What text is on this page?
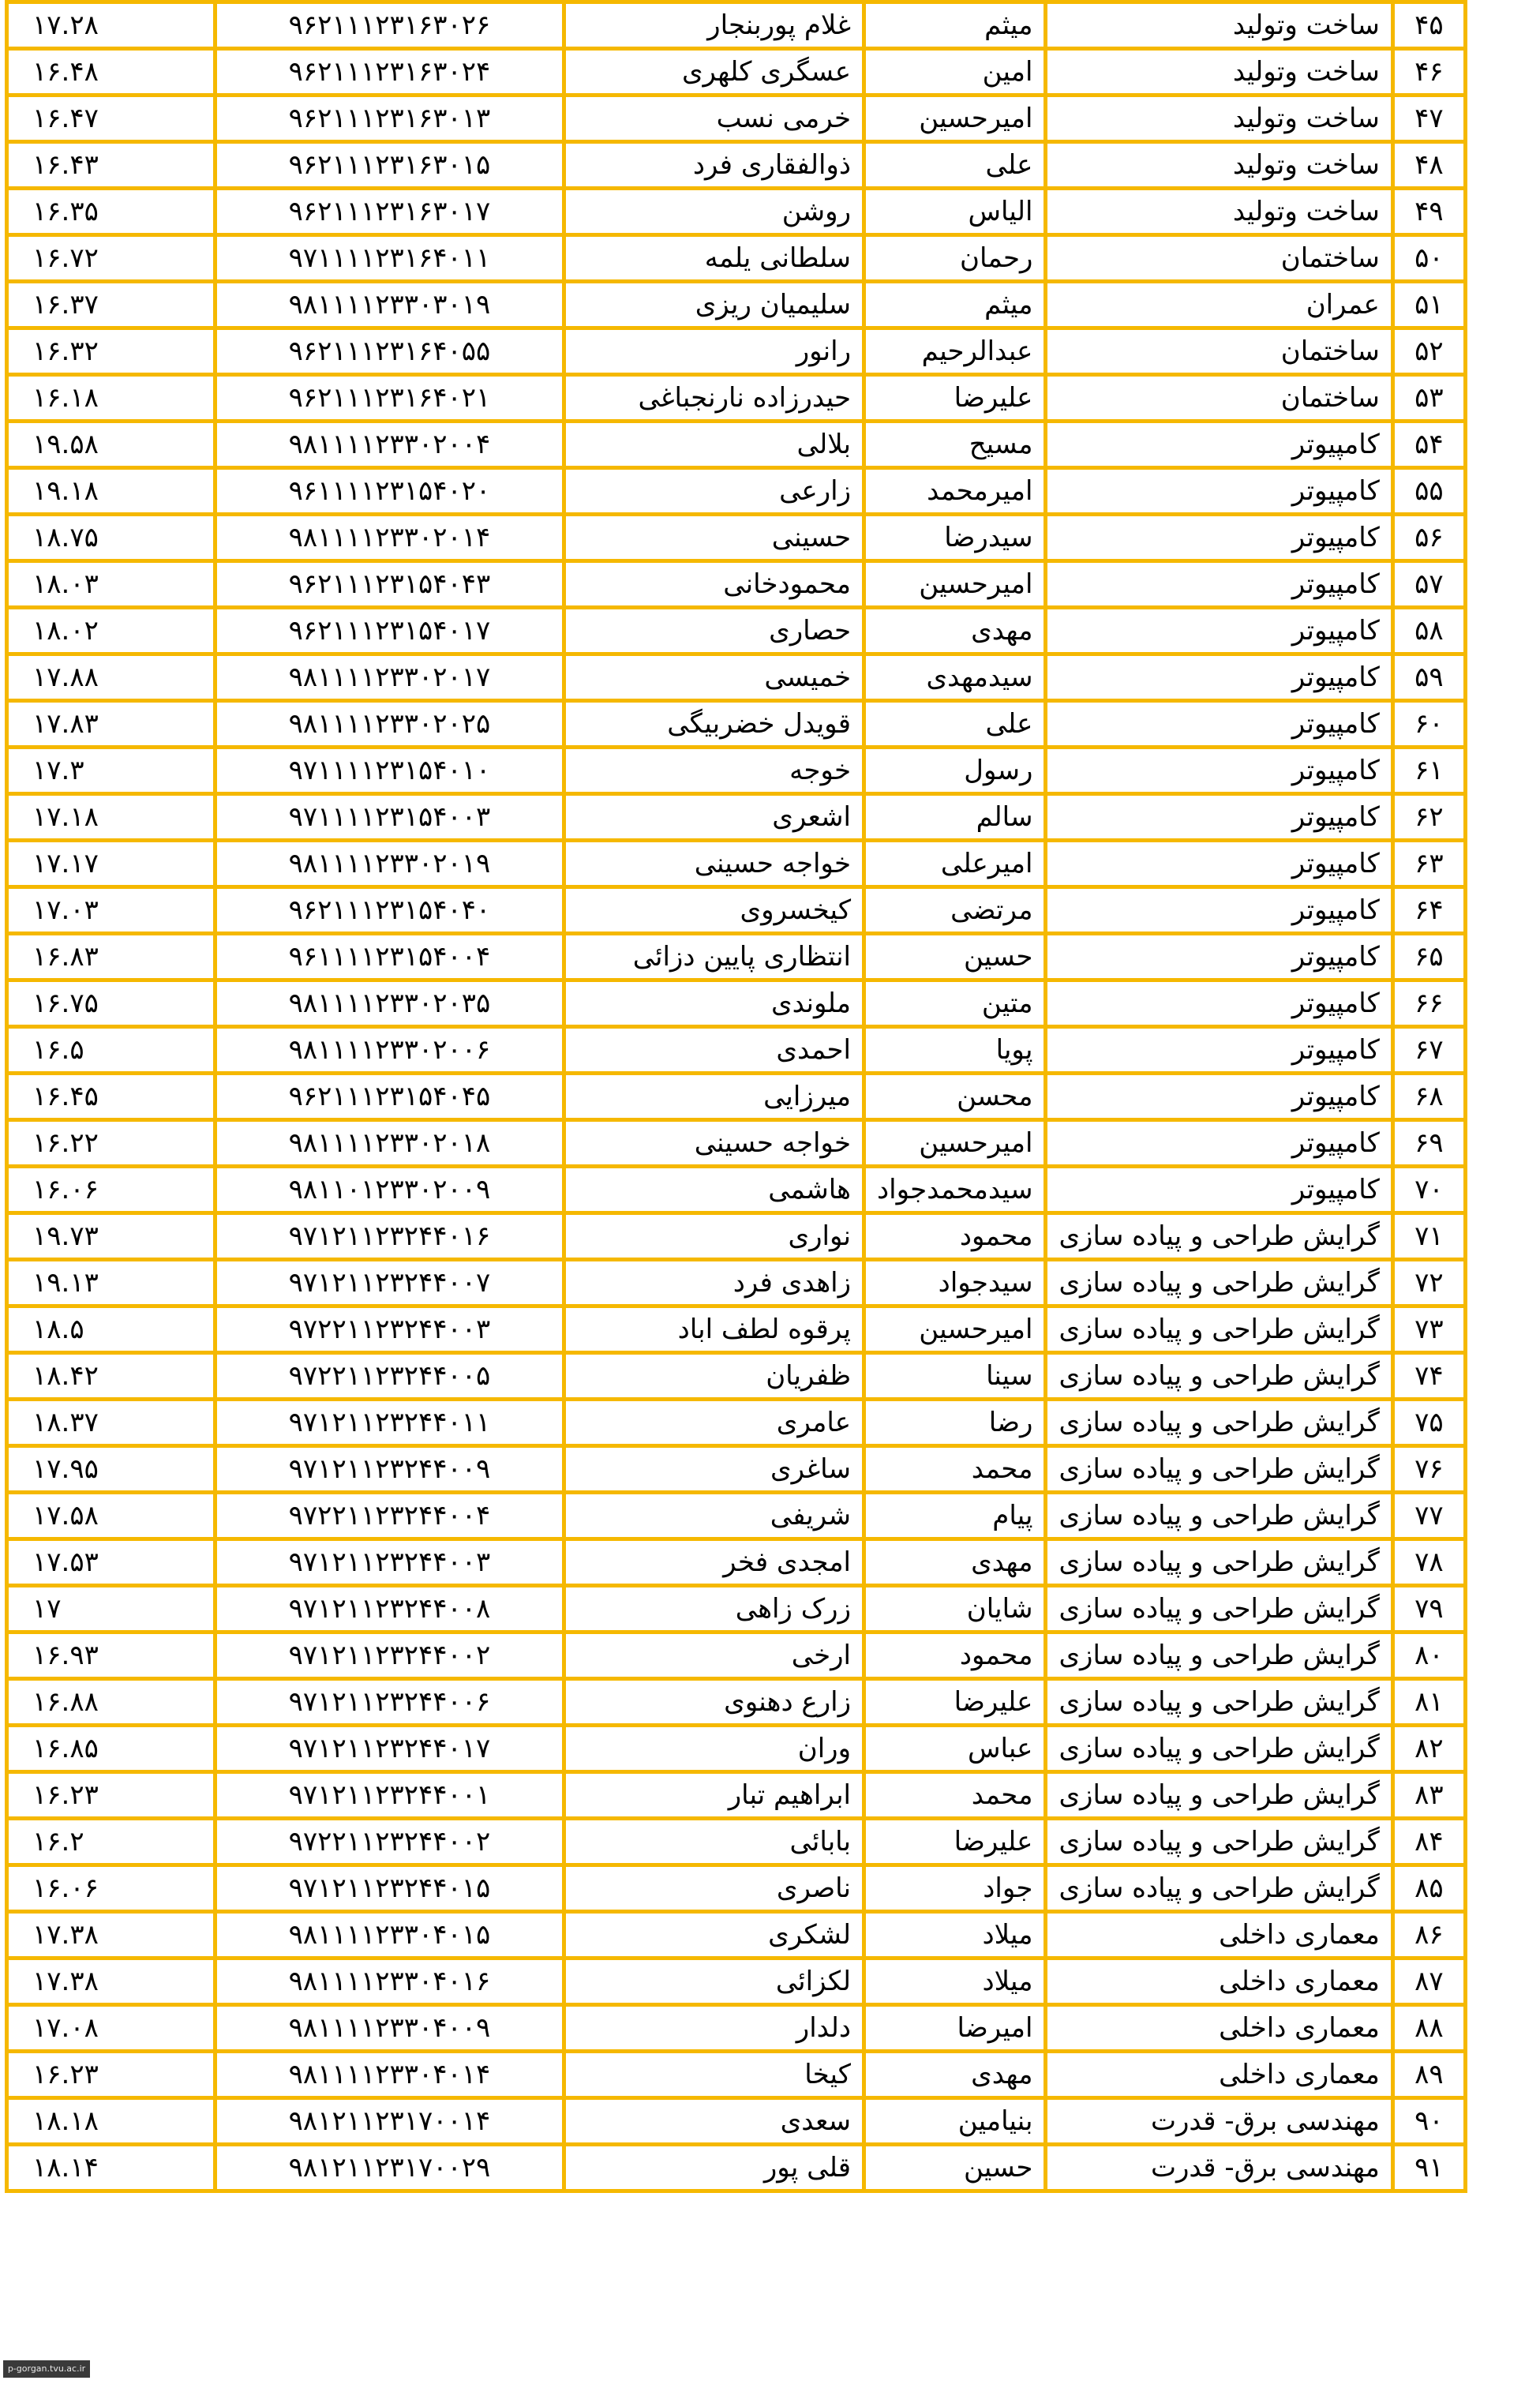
۴۵	ساخت وتولید	میثم	غلام پوربنجار	۹۶۲۱۱۱۲۳۱۶۳۰۲۶	۱۷.۲۸
۴۶	ساخت وتولید	امین	عسگری کلهری	۹۶۲۱۱۱۲۳۱۶۳۰۲۴	۱۶.۴۸
۴۷	ساخت وتولید	امیرحسین	خرمی نسب	۹۶۲۱۱۱۲۳۱۶۳۰۱۳	۱۶.۴۷
۴۸	ساخت وتولید	علی	ذوالفقاری فرد	۹۶۲۱۱۱۲۳۱۶۳۰۱۵	۱۶.۴۳
۴۹	ساخت وتولید	الیاس	روشن	۹۶۲۱۱۱۲۳۱۶۳۰۱۷	۱۶.۳۵
۵۰	ساختمان	رحمان	سلطانی یلمه	۹۷۱۱۱۱۲۳۱۶۴۰۱۱	۱۶.۷۲
۵۱	عمران	میثم	سلیمیان ریزی	۹۸۱۱۱۱۲۳۳۰۳۰۱۹	۱۶.۳۷
۵۲	ساختمان	عبدالرحیم	رانور	۹۶۲۱۱۱۲۳۱۶۴۰۵۵	۱۶.۳۲
۵۳	ساختمان	علیرضا	حیدرزاده نارنجباغی	۹۶۲۱۱۱۲۳۱۶۴۰۲۱	۱۶.۱۸
۵۴	کامپیوتر	مسیح	بلالی	۹۸۱۱۱۱۲۳۳۰۲۰۰۴	۱۹.۵۸
۵۵	کامپیوتر	امیرمحمد	زارعی	۹۶۱۱۱۱۲۳۱۵۴۰۲۰	۱۹.۱۸
۵۶	کامپیوتر	سیدرضا	حسینی	۹۸۱۱۱۱۲۳۳۰۲۰۱۴	۱۸.۷۵
۵۷	کامپیوتر	امیرحسین	محمودخانی	۹۶۲۱۱۱۲۳۱۵۴۰۴۳	۱۸.۰۳
۵۸	کامپیوتر	مهدی	حصاری	۹۶۲۱۱۱۲۳۱۵۴۰۱۷	۱۸.۰۲
۵۹	کامپیوتر	سیدمهدی	خمیسی	۹۸۱۱۱۱۲۳۳۰۲۰۱۷	۱۷.۸۸
۶۰	کامپیوتر	علی	قویدل خضربیگی	۹۸۱۱۱۱۲۳۳۰۲۰۲۵	۱۷.۸۳
۶۱	کامپیوتر	رسول	خوجه	۹۷۱۱۱۱۲۳۱۵۴۰۱۰	۱۷.۳
۶۲	کامپیوتر	سالم	اشعری	۹۷۱۱۱۱۲۳۱۵۴۰۰۳	۱۷.۱۸
۶۳	کامپیوتر	امیرعلی	خواجه حسینی	۹۸۱۱۱۱۲۳۳۰۲۰۱۹	۱۷.۱۷
۶۴	کامپیوتر	مرتضی	کیخسروی	۹۶۲۱۱۱۲۳۱۵۴۰۴۰	۱۷.۰۳
۶۵	کامپیوتر	حسین	انتظاری پایین دزائی	۹۶۱۱۱۱۲۳۱۵۴۰۰۴	۱۶.۸۳
۶۶	کامپیوتر	متین	ملوندی	۹۸۱۱۱۱۲۳۳۰۲۰۳۵	۱۶.۷۵
۶۷	کامپیوتر	پویا	احمدی	۹۸۱۱۱۱۲۳۳۰۲۰۰۶	۱۶.۵
۶۸	کامپیوتر	محسن	میرزایی	۹۶۲۱۱۱۲۳۱۵۴۰۴۵	۱۶.۴۵
۶۹	کامپیوتر	امیرحسین	خواجه حسینی	۹۸۱۱۱۱۲۳۳۰۲۰۱۸	۱۶.۲۲
۷۰	کامپیوتر	سیدمحمدجواد	هاشمی	۹۸۱۱۰۱۲۳۳۰۲۰۰۹	۱۶.۰۶
۷۱	گرایش طراحی و پیاده سازی	محمود	نواری	۹۷۱۲۱۱۲۳۲۴۴۰۱۶	۱۹.۷۳
۷۲	گرایش طراحی و پیاده سازی	سیدجواد	زاهدی فرد	۹۷۱۲۱۱۲۳۲۴۴۰۰۷	۱۹.۱۳
۷۳	گرایش طراحی و پیاده سازی	امیرحسین	پرقوه لطف اباد	۹۷۲۲۱۱۲۳۲۴۴۰۰۳	۱۸.۵
۷۴	گرایش طراحی و پیاده سازی	سینا	ظفریان	۹۷۲۲۱۱۲۳۲۴۴۰۰۵	۱۸.۴۲
۷۵	گرایش طراحی و پیاده سازی	رضا	عامری	۹۷۱۲۱۱۲۳۲۴۴۰۱۱	۱۸.۳۷
۷۶	گرایش طراحی و پیاده سازی	محمد	ساغری	۹۷۱۲۱۱۲۳۲۴۴۰۰۹	۱۷.۹۵
۷۷	گرایش طراحی و پیاده سازی	پیام	شریفی	۹۷۲۲۱۱۲۳۲۴۴۰۰۴	۱۷.۵۸
۷۸	گرایش طراحی و پیاده سازی	مهدی	امجدی فخر	۹۷۱۲۱۱۲۳۲۴۴۰۰۳	۱۷.۵۳
۷۹	گرایش طراحی و پیاده سازی	شایان	زرک زاهی	۹۷۱۲۱۱۲۳۲۴۴۰۰۸	۱۷
۸۰	گرایش طراحی و پیاده سازی	محمود	ارخی	۹۷۱۲۱۱۲۳۲۴۴۰۰۲	۱۶.۹۳
۸۱	گرایش طراحی و پیاده سازی	علیرضا	زارع دهنوی	۹۷۱۲۱۱۲۳۲۴۴۰۰۶	۱۶.۸۸
۸۲	گرایش طراحی و پیاده سازی	عباس	وران	۹۷۱۲۱۱۲۳۲۴۴۰۱۷	۱۶.۸۵
۸۳	گرایش طراحی و پیاده سازی	محمد	ابراهیم تبار	۹۷۱۲۱۱۲۳۲۴۴۰۰۱	۱۶.۲۳
۸۴	گرایش طراحی و پیاده سازی	علیرضا	بابائی	۹۷۲۲۱۱۲۳۲۴۴۰۰۲	۱۶.۲
۸۵	گرایش طراحی و پیاده سازی	جواد	ناصری	۹۷۱۲۱۱۲۳۲۴۴۰۱۵	۱۶.۰۶
۸۶	معماری داخلی	میلاد	لشکری	۹۸۱۱۱۱۲۳۳۰۴۰۱۵	۱۷.۳۸
۸۷	معماری داخلی	میلاد	لکزائی	۹۸۱۱۱۱۲۳۳۰۴۰۱۶	۱۷.۳۸
۸۸	معماری داخلی	امیرضا	دلدار	۹۸۱۱۱۱۲۳۳۰۴۰۰۹	۱۷.۰۸
۸۹	معماری داخلی	مهدی	کیخا	۹۸۱۱۱۱۲۳۳۰۴۰۱۴	۱۶.۲۳
۹۰	مهندسی برق- قدرت	بنیامین	سعدی	۹۸۱۲۱۱۲۳۱۷۰۰۱۴	۱۸.۱۸
۹۱	مهندسی برق- قدرت	حسین	قلی پور	۹۸۱۲۱۱۲۳۱۷۰۰۲۹	۱۸.۱۴
p-gorgan.tvu.ac.ir
